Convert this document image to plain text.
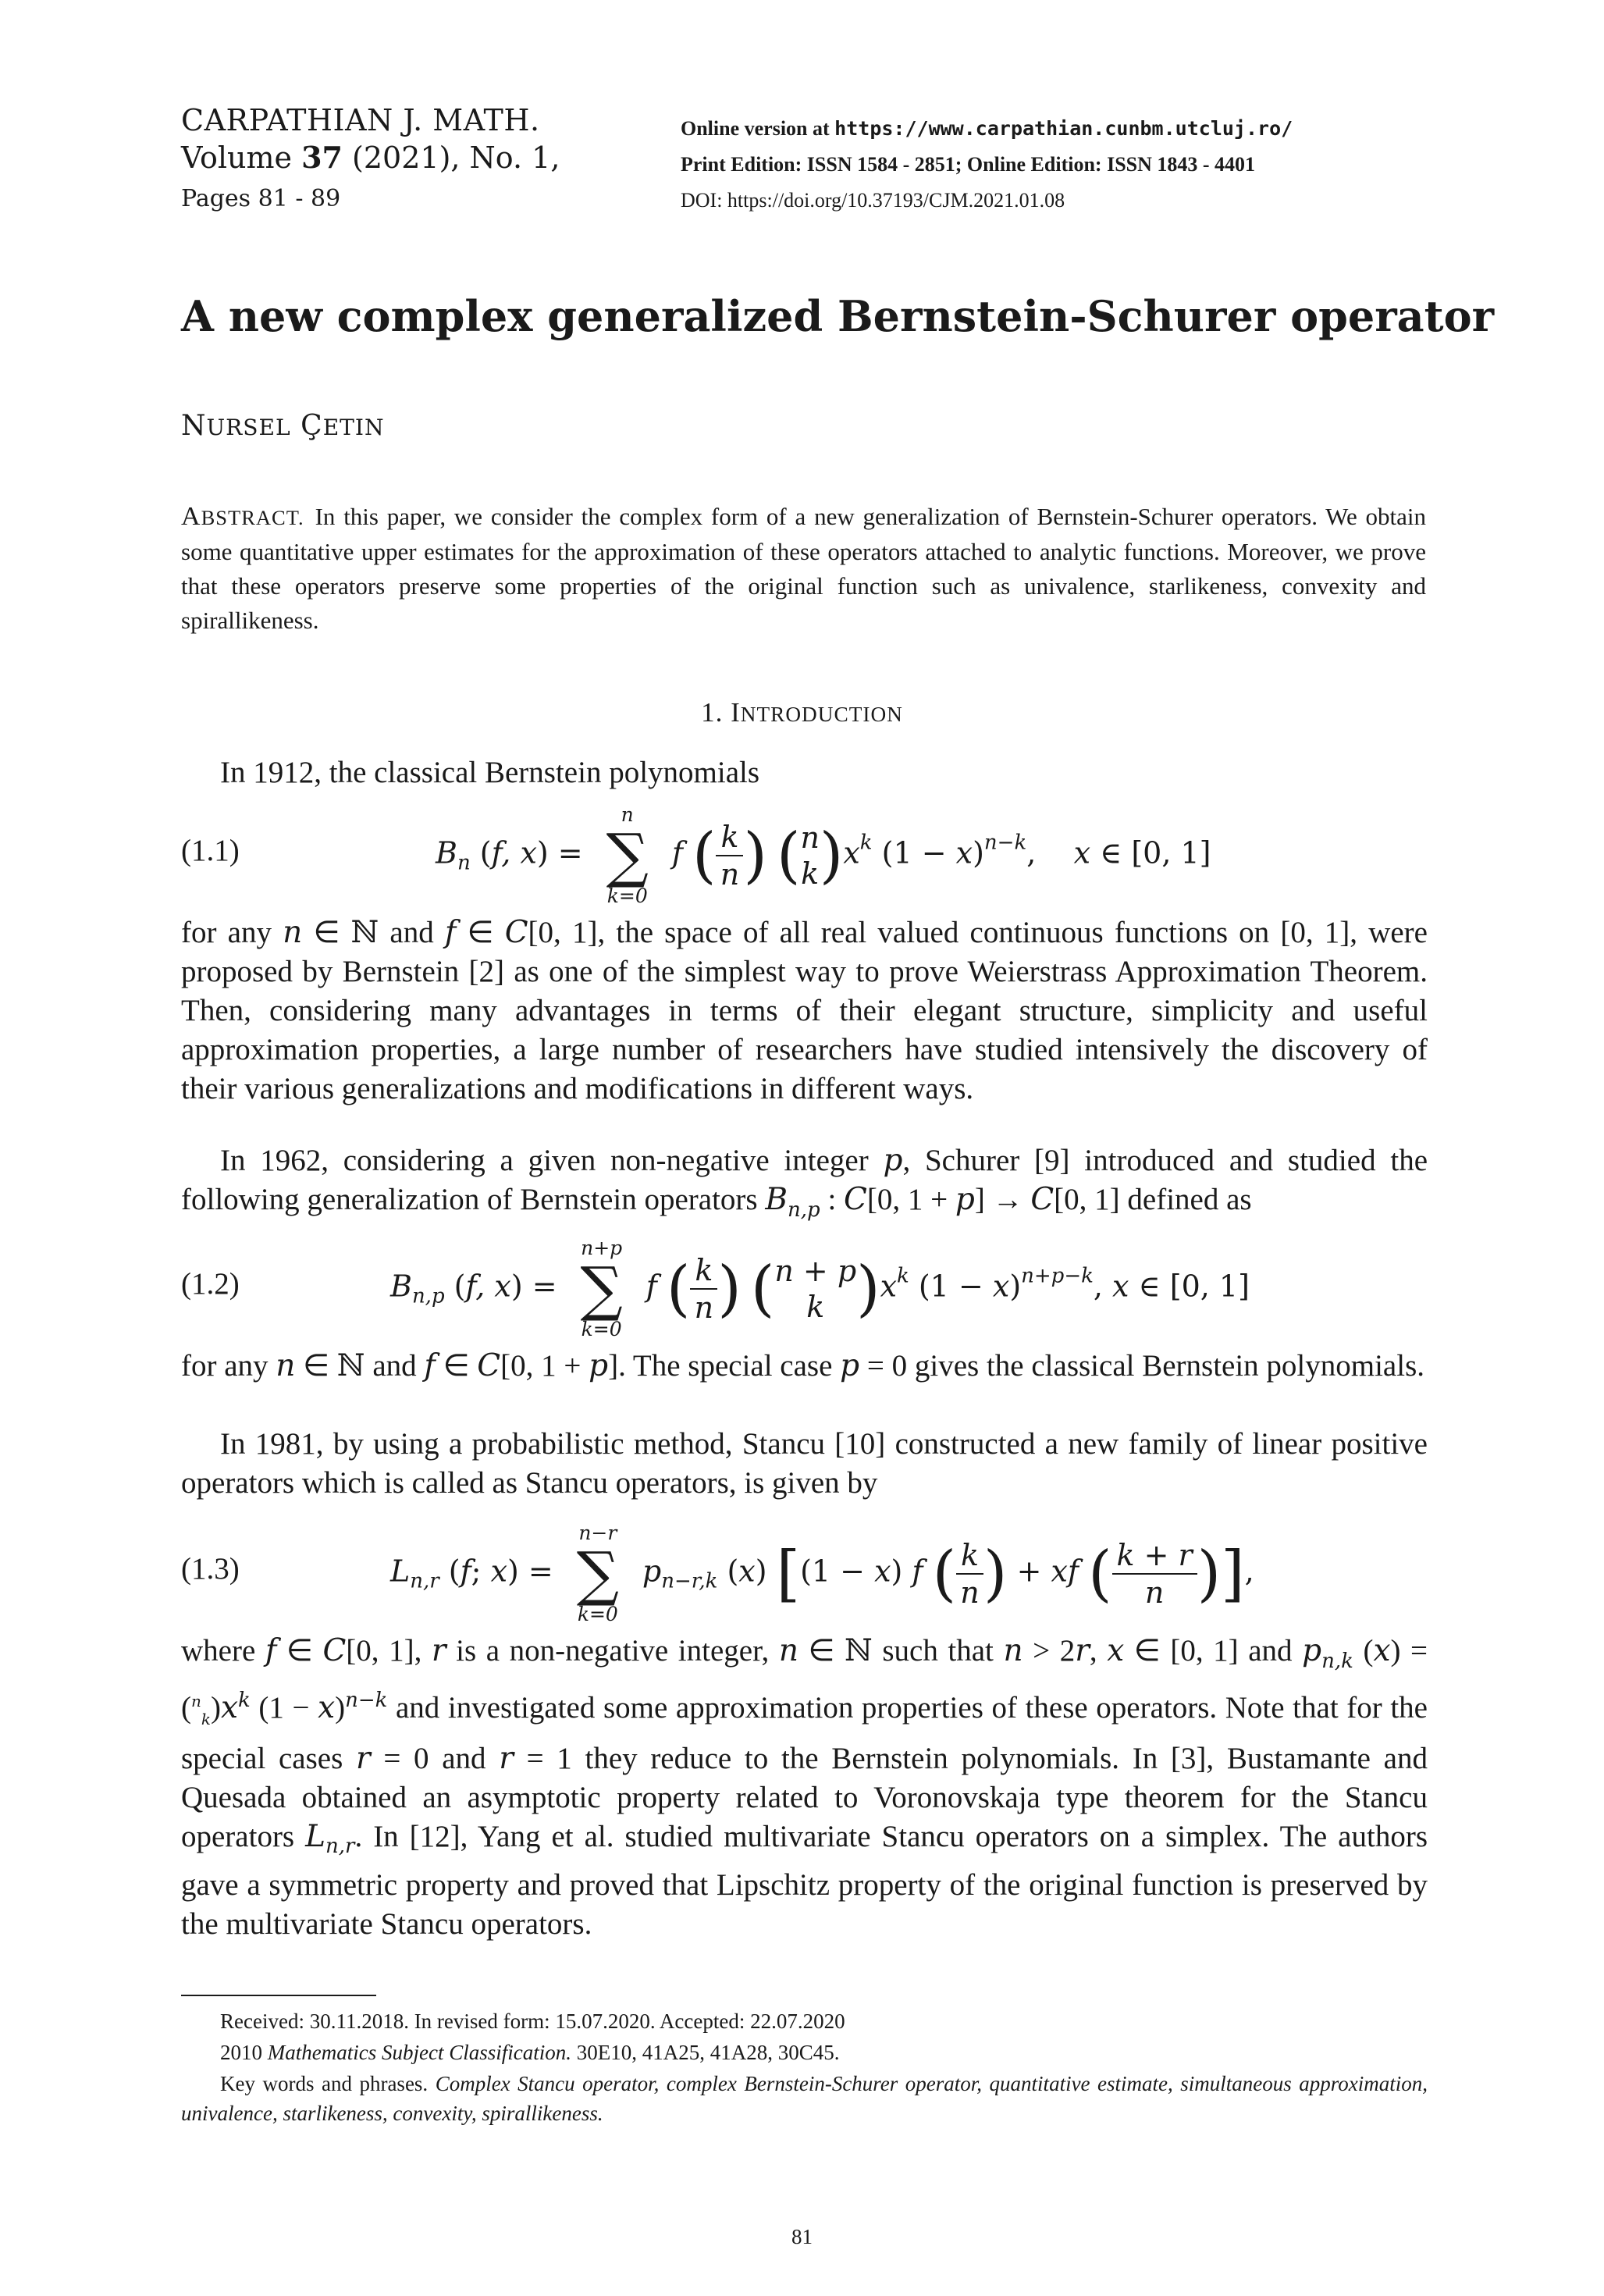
CARPATHIAN J. MATH.
Volume 37 (2021), No. 1,
Pages 81 - 89
Online version at https://www.carpathian.cunbm.utcluj.ro/
Print Edition: ISSN 1584 - 2851; Online Edition: ISSN 1843 - 4401
DOI: https://doi.org/10.37193/CJM.2021.01.08
A new complex generalized Bernstein-Schurer operator
NURSEL ÇETIN
ABSTRACT. In this paper, we consider the complex form of a new generalization of Bernstein-Schurer operators. We obtain some quantitative upper estimates for the approximation of these operators attached to analytic functions. Moreover, we prove that these operators preserve some properties of the original function such as univalence, starlikeness, convexity and spirallikeness.
1. INTRODUCTION
In 1912, the classical Bernstein polynomials
(1.1)	$B_n$ (f, x) =
n
∑
k=0
f ( $\frac{k}{n}$ ) ( n
k )$x^k$ $(1 - x)^{n-k}$,    x ∈ [0, 1]
for any n ∈ ℕ and f ∈ C[0, 1], the space of all real valued continuous functions on [0, 1], were proposed by Bernstein [2] as one of the simplest way to prove Weierstrass Approximation Theorem. Then, considering many advantages in terms of their elegant structure, simplicity and useful approximation properties, a large number of researchers have studied intensively the discovery of their various generalizations and modifications in different ways.
In 1962, considering a given non-negative integer p, Schurer [9] introduced and studied the following generalization of Bernstein operators $B_{n,p}$ : C[0, 1 + p] → C[0, 1] defined as
(1.2)	$B_{n,p}$ (f, x) =
n+p
∑
k=0
f ( $\frac{k}{n}$ ) ( n + p
k )$x^k$ $(1 - x)^{n+p-k}$, x ∈ [0, 1]
for any n ∈ ℕ and f ∈ C[0, 1 + p]. The special case p = 0 gives the classical Bernstein polynomials.
In 1981, by using a probabilistic method, Stancu [10] constructed a new family of linear positive operators which is called as Stancu operators, is given by
(1.3)	$L_{n,r}$ (f; x) =
n−r
∑
k=0
$p_{n-r,k}$ (x) [(1 − x) f ( $\frac{k}{n}$ ) + xf ( $\frac{k + r}{n}$ )],
where f ∈ C[0, 1], r is a non-negative integer, n ∈ ℕ such that n > 2r, x ∈ [0, 1] and $p_{n,k}$ $(x) = (^n_k)x^k$ $(1 - x)^{n-k}$ and investigated some approximation properties of these operators. Note that for the special cases r = 0 and r = 1 they reduce to the Bernstein polynomials. In [3], Bustamante and Quesada obtained an asymptotic property related to Voronovskaja type theorem for the Stancu operators $L_{n,r}$. In [12], Yang et al. studied multivariate Stancu operators on a simplex. The authors gave a symmetric property and proved that Lipschitz property of the original function is preserved by the multivariate Stancu operators.
Received: 30.11.2018. In revised form: 15.07.2020. Accepted: 22.07.2020
2010 Mathematics Subject Classification. 30E10, 41A25, 41A28, 30C45.
Key words and phrases. Complex Stancu operator, complex Bernstein-Schurer operator, quantitative estimate, simultaneous approximation, univalence, starlikeness, convexity, spirallikeness.
81
